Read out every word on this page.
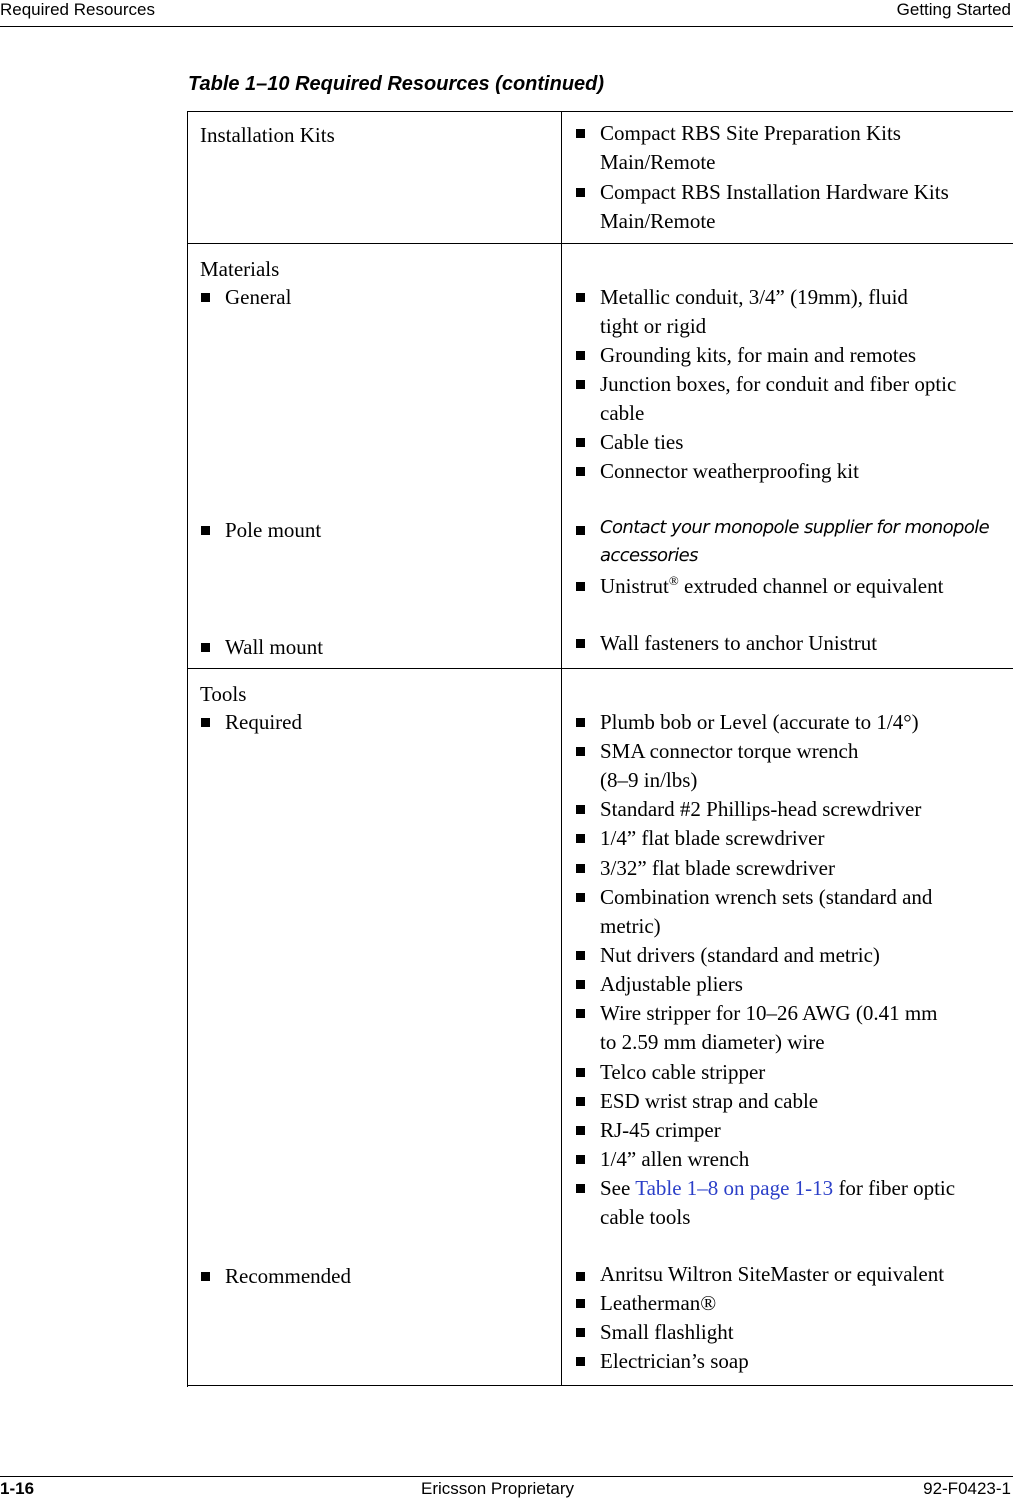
Required Resources	Getting Started
Table 1–10 Required Resources (continued)
Installation Kits	Compact RBS Site Preparation Kits
Main/Remote
Compact RBS Installation Hardware Kits
Main/Remote
Materials
General	Metallic conduit, 3/4” (19mm), fluid
tight or rigid
Grounding kits, for main and remotes
Junction boxes, for conduit and fiber optic
cable
Cable ties
Connector weatherproofing kit
Pole mount	Contact your monopole supplier for monopole
accessories
Unistrut® extruded channel or equivalent
Wall mount	Wall fasteners to anchor Unistrut
Tools
Required	Plumb bob or Level (accurate to 1/4°)
SMA connector torque wrench
(8–9 in/lbs)
Standard #2 Phillips-head screwdriver
1/4” flat blade screwdriver
3/32” flat blade screwdriver
Combination wrench sets (standard and
metric)
Nut drivers (standard and metric)
Adjustable pliers
Wire stripper for 10–26 AWG (0.41 mm
to 2.59 mm diameter) wire
Telco cable stripper
ESD wrist strap and cable
RJ-45 crimper
1/4” allen wrench
See Table 1–8 on page 1-13 for fiber optic
cable tools
Recommended	Anritsu Wiltron SiteMaster or equivalent
Leatherman®
Small flashlight
Electrician’s soap
1-16	Ericsson Proprietary	92-F0423-1
